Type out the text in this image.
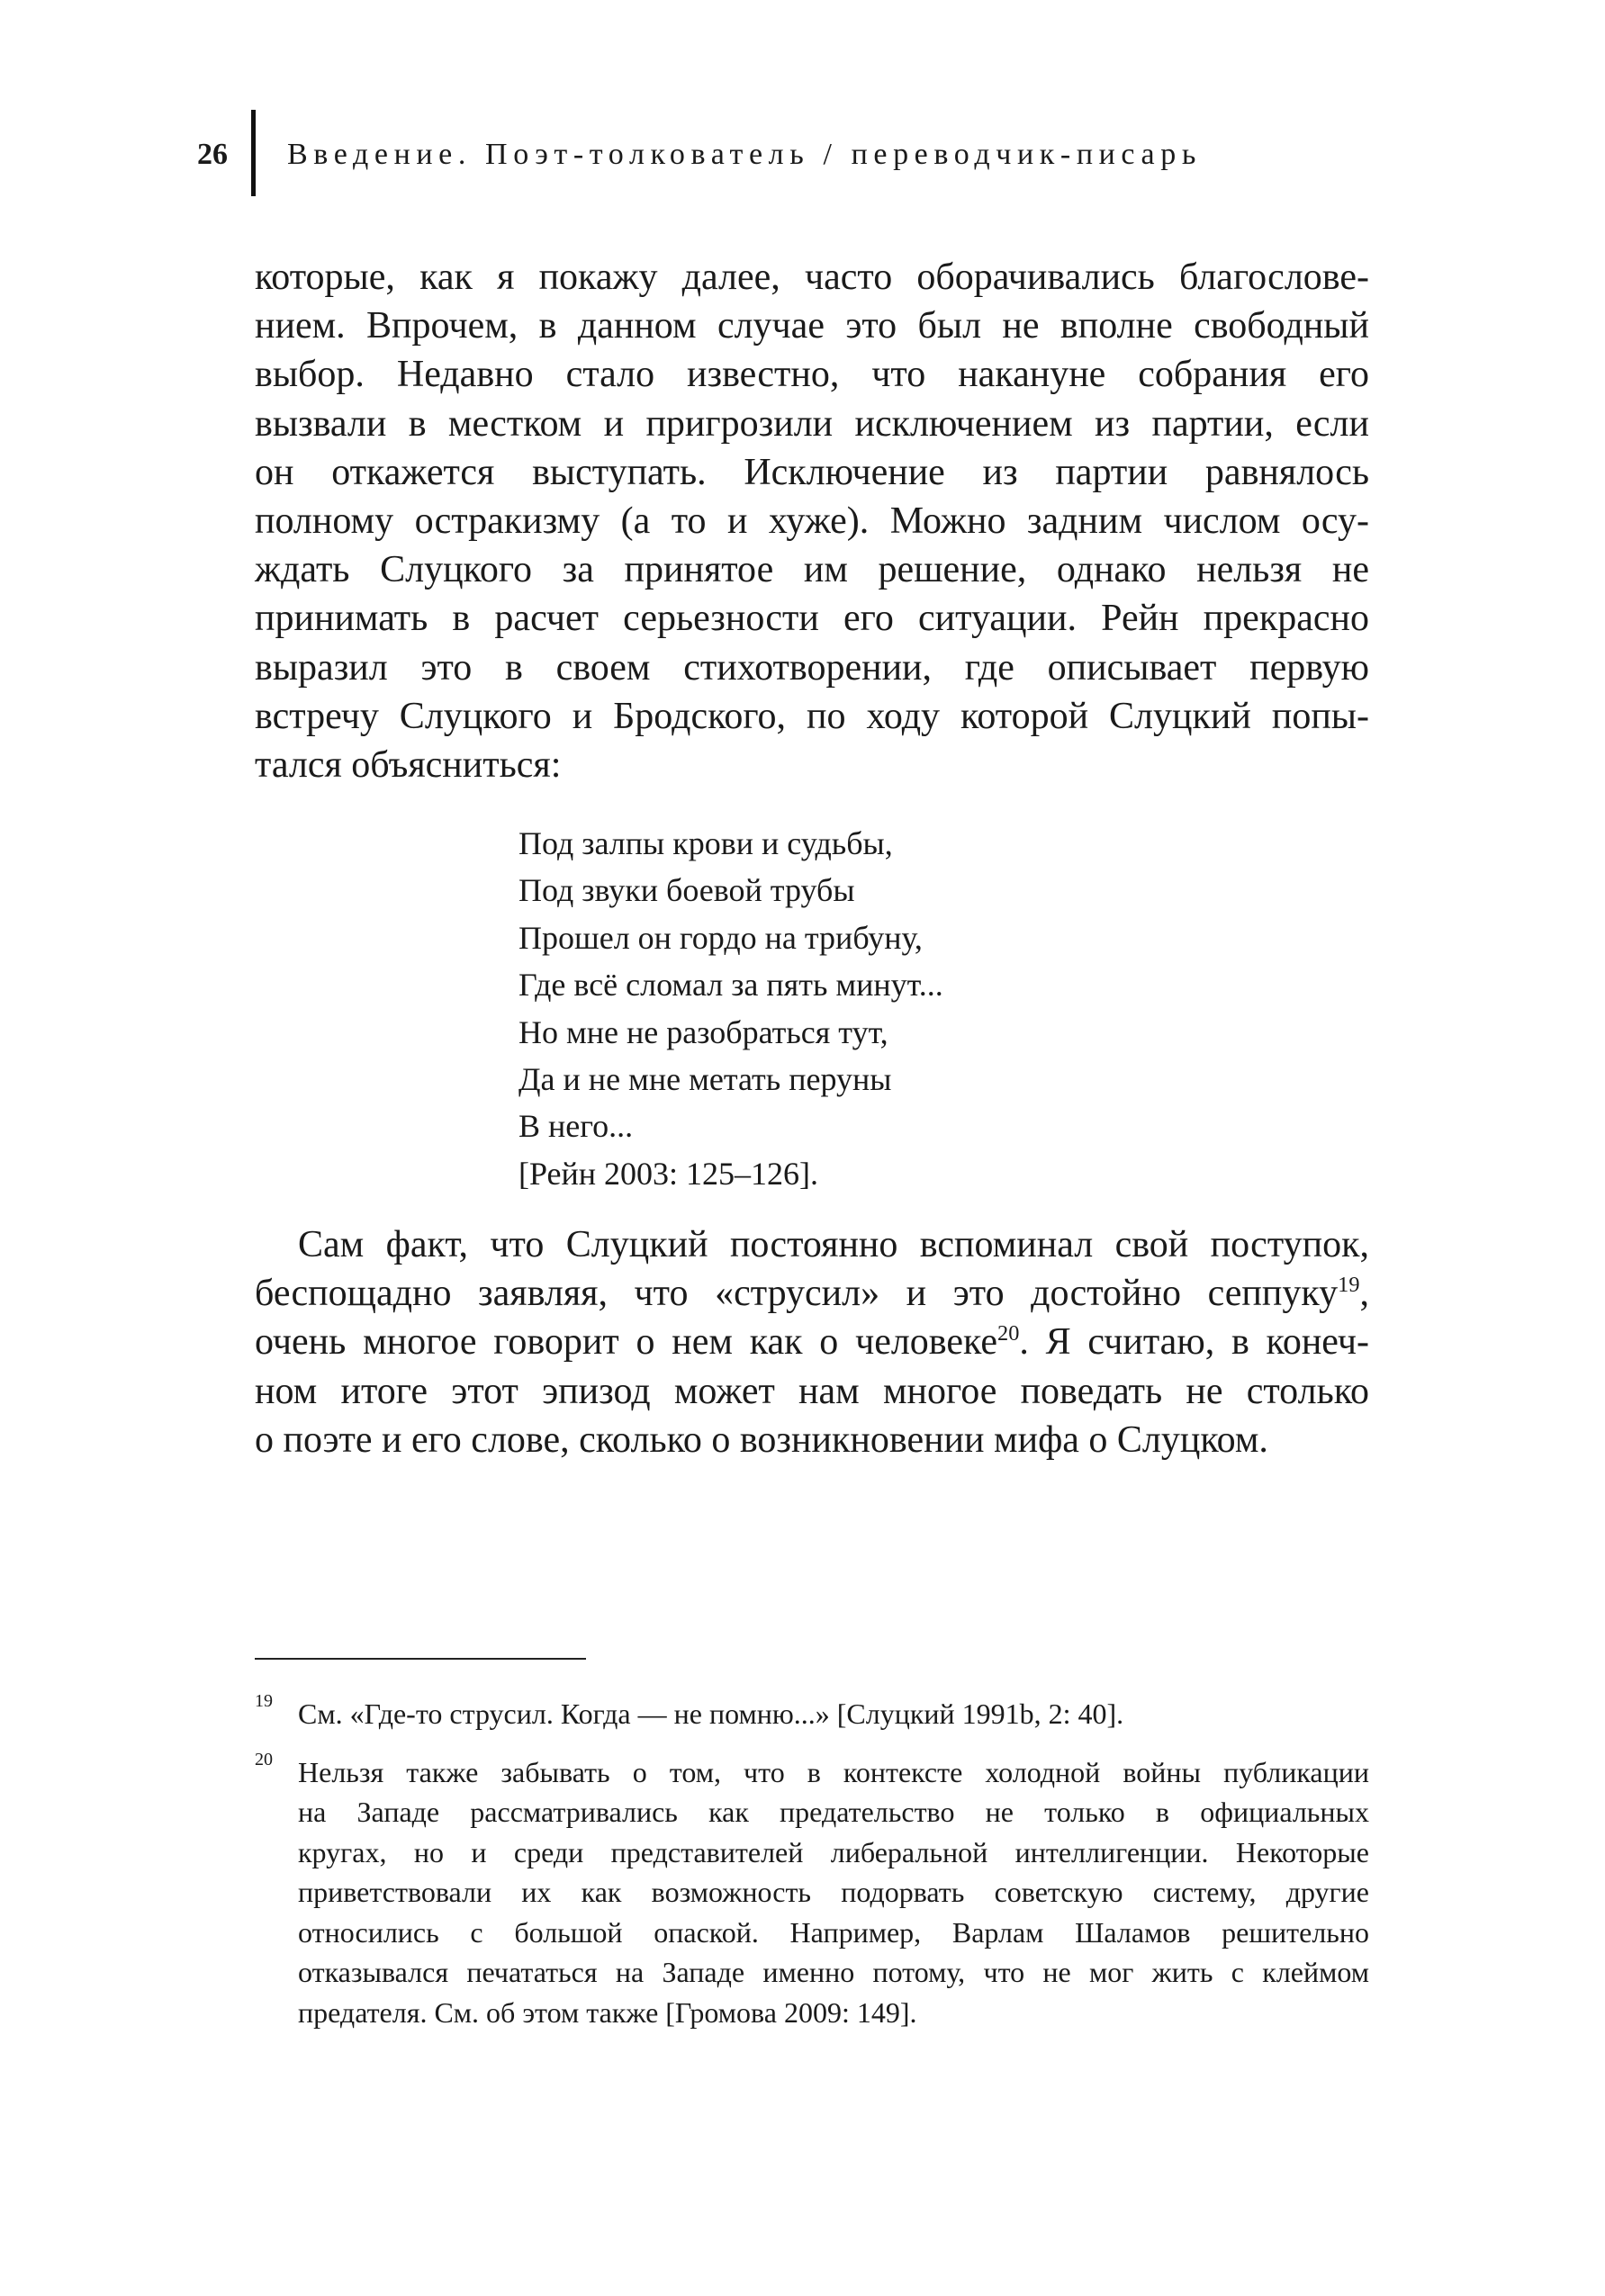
26 Введение. Поэт-толкователь / переводчик-писарь

которые, как я покажу далее, часто оборачивались благослове-
нием. Впрочем, в данном случае это был не вполне свободный
выбор. Недавно стало известно, что накануне собрания его
вызвали в местком и пригрозили исключением из партии, если
он откажется выступать. Исключение из партии равнялось
полному остракизму (а то и хуже). Можно задним числом осу-
ждать Слуцкого за принятое им решение, однако нельзя не
принимать в расчет серьезности его ситуации. Рейн прекрасно
выразил это в своем стихотворении, где описывает первую
встречу Слуцкого и Бродского, по ходу которой Слуцкий попы-
тался объясниться:

Под залпы крови и судьбы,
Под звуки боевой трубы
Прошел он гордо на трибуну,
Где всё сломал за пять минут...
Но мне не разобраться тут,
Да и не мне метать перуны
В него...
[Рейн 2003: 125–126].

Сам факт, что Слуцкий постоянно вспоминал свой поступок,
беспощадно заявляя, что «струсил» и это достойно сеппуку$^{19}$,
очень многое говорит о нем как о человеке$^{20}$. Я считаю, в конеч-
ном итоге этот эпизод может нам многое поведать не столько
о поэте и его слове, сколько о возникновении мифа о Слуцком.

19 См. «Где-то струсил. Когда — не помню...» [Слуцкий 1991b, 2: 40].
20 Нельзя также забывать о том, что в контексте холодной войны публикации
на Западе рассматривались как предательство не только в официальных
кругах, но и среди представителей либеральной интеллигенции. Некоторые
приветствовали их как возможность подорвать советскую систему, другие
относились с большой опаской. Например, Варлам Шаламов решительно
отказывался печататься на Западе именно потому, что не мог жить с клеймом
предателя. См. об этом также [Громова 2009: 149].
